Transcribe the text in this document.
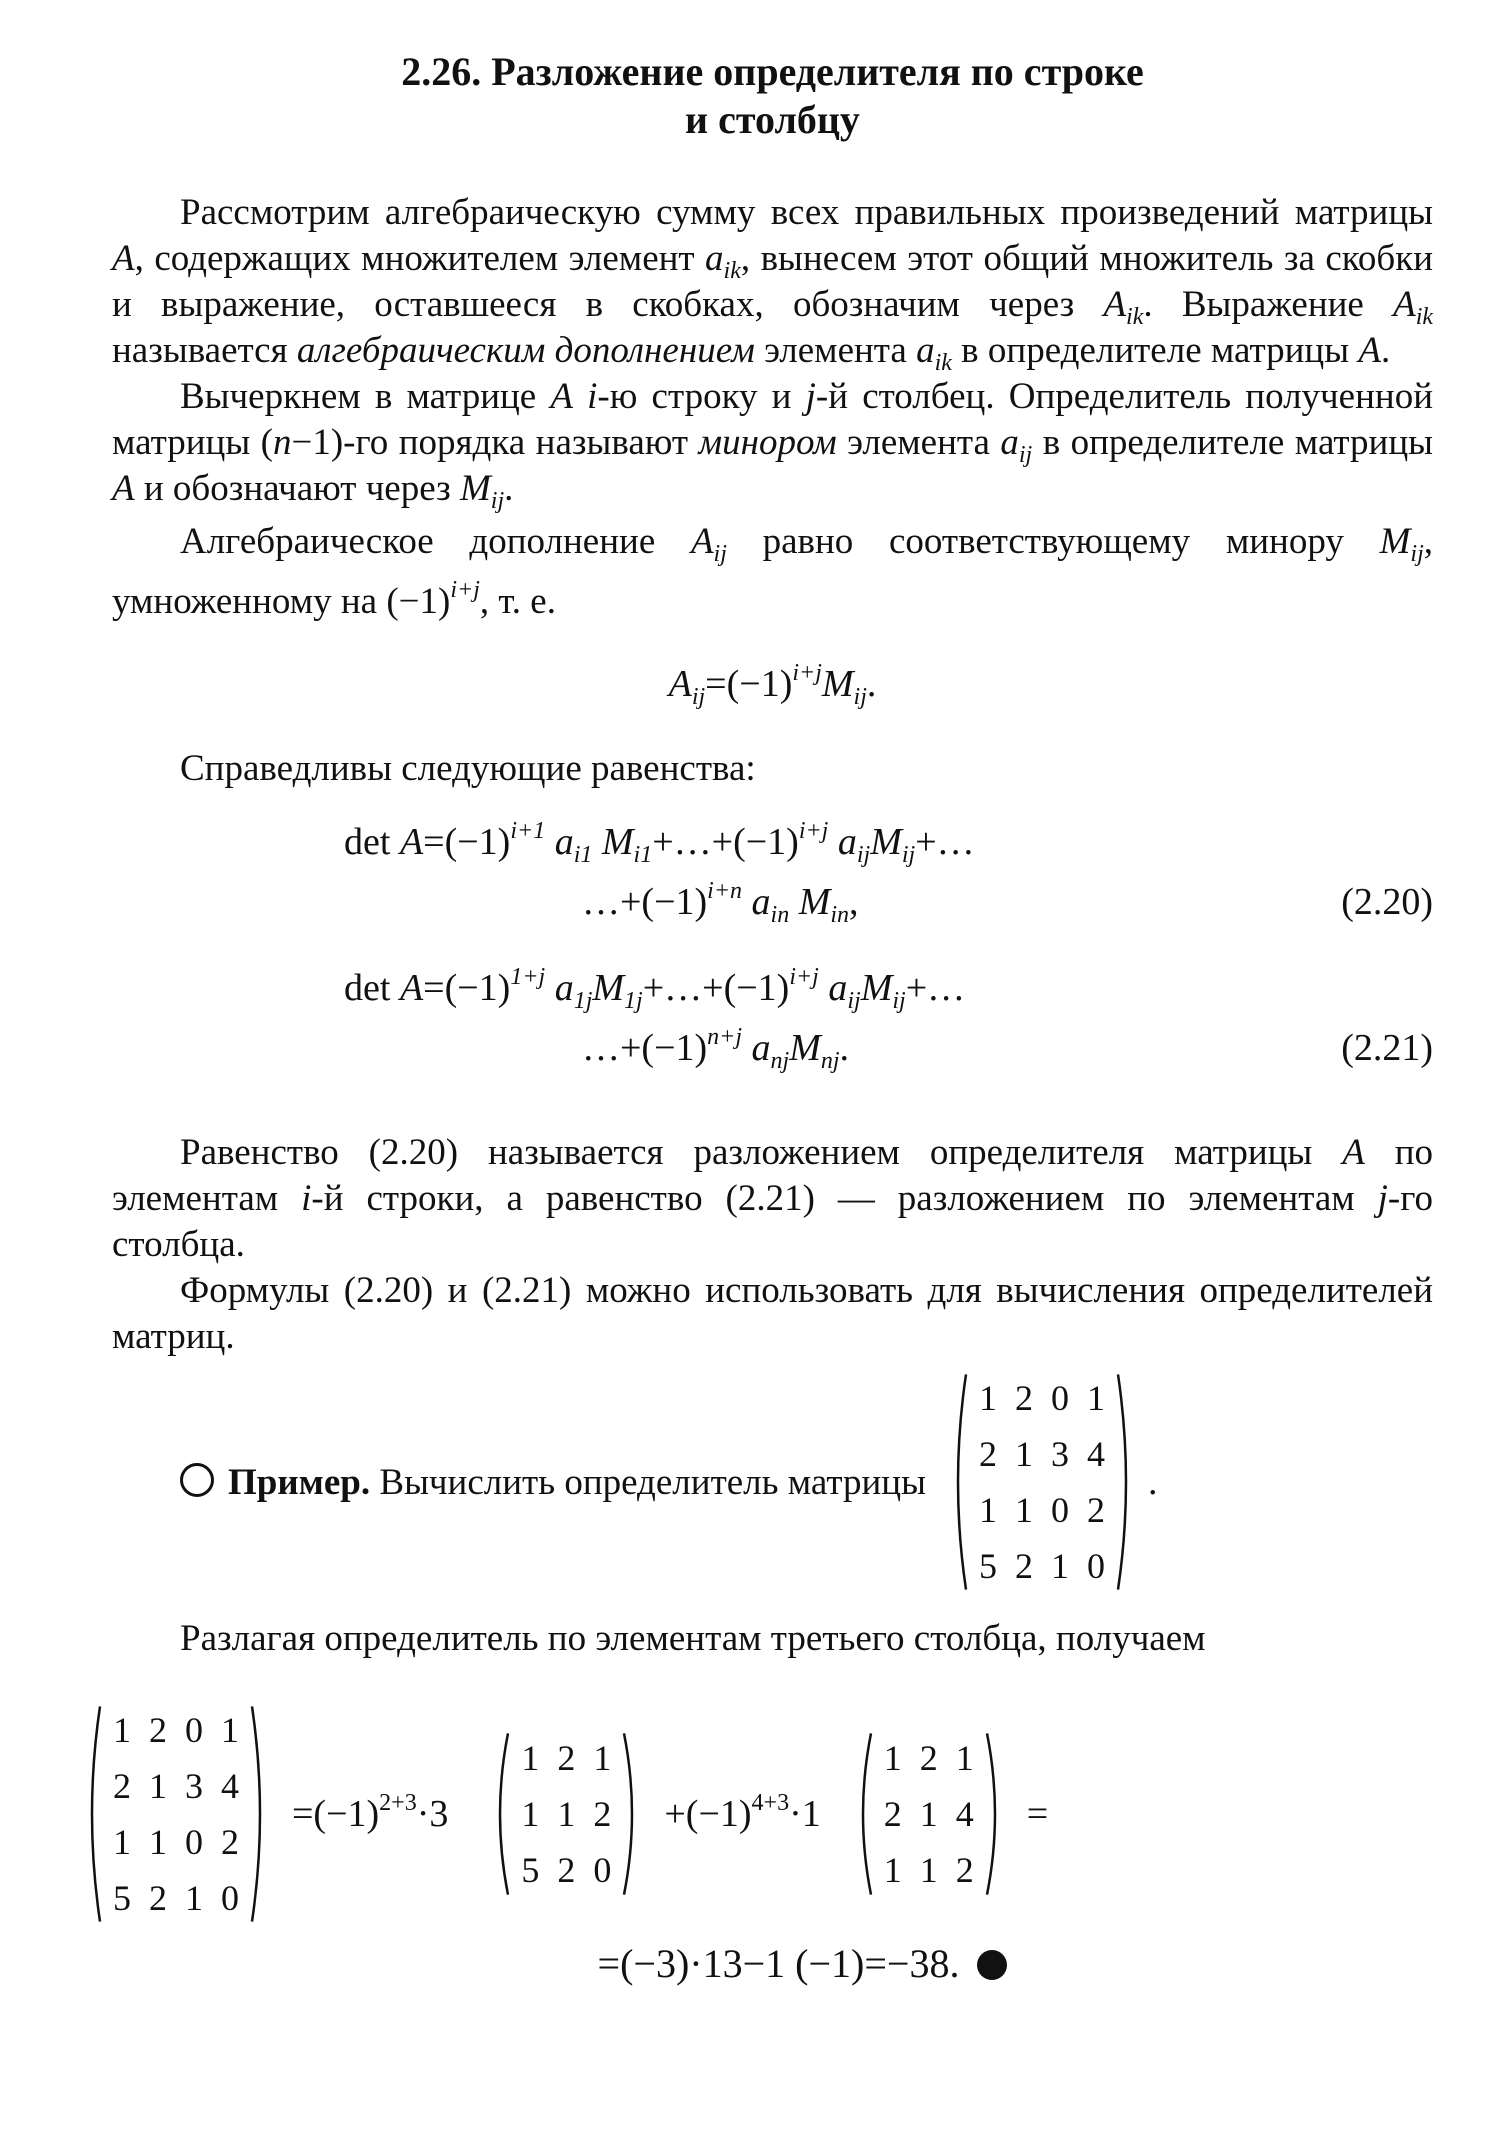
2.26. Разложение определителя по строке
и столбцу

Рассмотрим алгебраическую сумму всех правильных произведений матрицы A, содержащих множителем элемент $a_{ik}$, вынесем этот общий множитель за скобки и выражение, оставшееся в скобках, обозначим через $A_{ik}$. Выражение $A_{ik}$ называется алгебраическим дополнением элемента $a_{ik}$ в определителе матрицы A.

Вычеркнем в матрице A i-ю строку и j-й столбец. Определитель полученной матрицы (n−1)-го порядка называют минором элемента $a_{ij}$ в определителе матрицы A и обозначают через $M_{ij}$.

Алгебраическое дополнение $A_{ij}$ равно соответствующему минору $M_{ij}$, умноженному на $(-1)^{i+j}$, т. е.

$A_{ij}=(-1)^{i+j}M_{ij}$.

Справедливы следующие равенства:

$\det A=(-1)^{i+1}$ $a_{i1}$ $M_{i1}+\dots+(-1)^{i+j}$ $a_{ij}M_{ij}+\dots$
$\dots+(-1)^{i+n}$ $a_{in}$ $M_{in}$,	(2.20)
$\det A=(-1)^{1+j}$ $a_{1j}M_{1j}+\dots+(-1)^{i+j}$ $a_{ij}M_{ij}+\dots$
$\dots+(-1)^{n+j}$ $a_{nj}M_{nj}$.	(2.21)

Равенство (2.20) называется разложением определителя матрицы A по элементам i-й строки, а равенство (2.21) — разложением по элементам j-го столбца.

Формулы (2.20) и (2.21) можно использовать для вычисления определителей матриц.

Пример. Вычислить определитель матрицы
1	2	0	1
2	1	3	4
1	1	0	2
5	2	1	0
.

Разлагая определитель по элементам третьего столбца, получаем

1	2	0	1
2	1	3	4
1	1	0	2
5	2	1	0
$=(-1)^{2+3}\cdot 3$
1	2	1
1	1	2
5	2	0
$+(-1)^{4+3}\cdot 1$
1	2	1
2	1	4
1	1	2
=
=(−3)·13−1 (−1)=−38.
